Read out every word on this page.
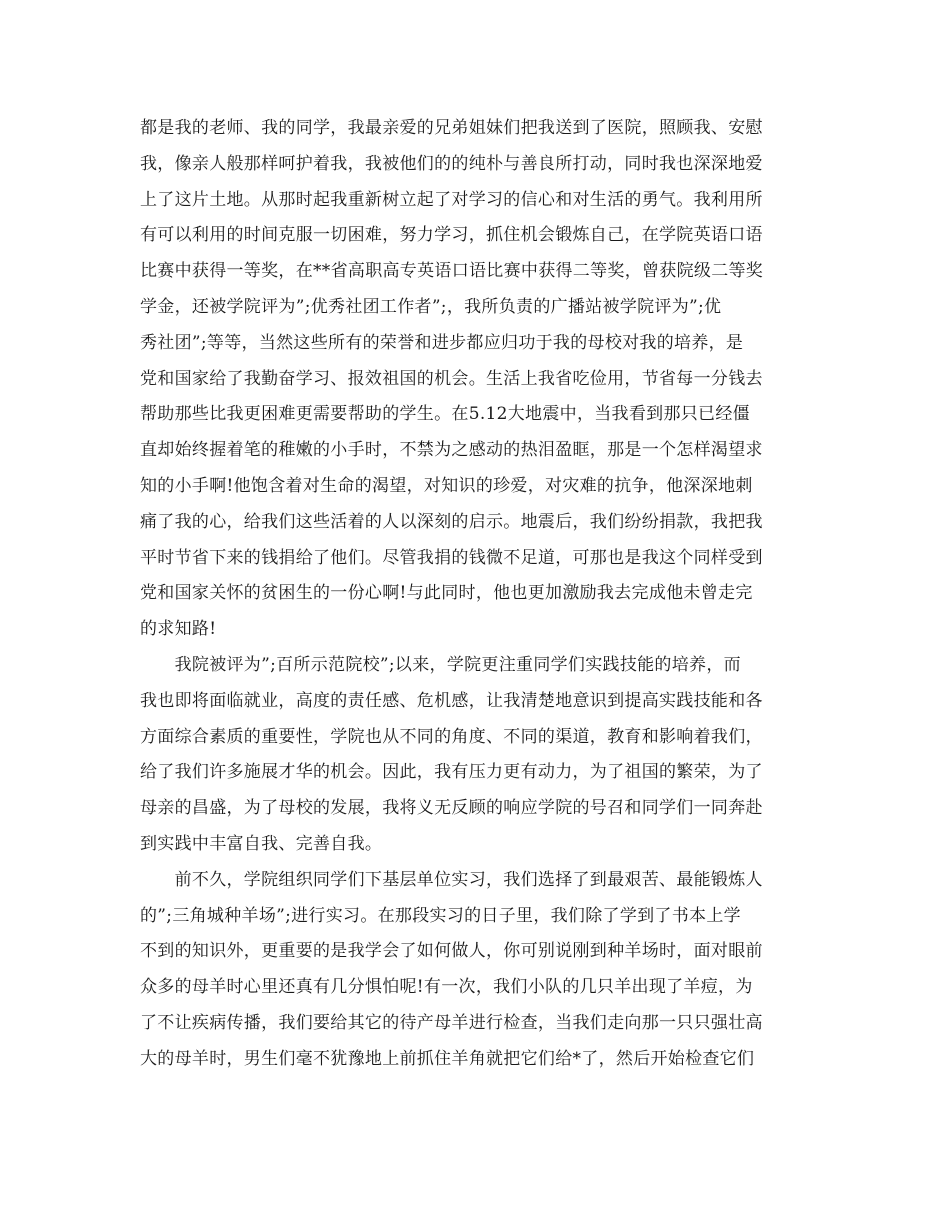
都是我的老师、我的同学，我最亲爱的兄弟姐妹们把我送到了医院，照顾我、安慰
我，像亲人般那样呵护着我，我被他们的的纯朴与善良所打动，同时我也深深地爱
上了这片土地。从那时起我重新树立起了对学习的信心和对生活的勇气。我利用所
有可以利用的时间克服一切困难，努力学习，抓住机会锻炼自己，在学院英语口语
比赛中获得一等奖，在**省高职高专英语口语比赛中获得二等奖，曾获院级二等奖
学金，还被学院评为”;优秀社团工作者”;，我所负责的广播站被学院评为”;优
秀社团”;等等，当然这些所有的荣誉和进步都应归功于我的母校对我的培养，是
党和国家给了我勤奋学习、报效祖国的机会。生活上我省吃俭用，节省每一分钱去
帮助那些比我更困难更需要帮助的学生。在5.12大地震中，当我看到那只已经僵
直却始终握着笔的稚嫩的小手时，不禁为之感动的热泪盈眶，那是一个怎样渴望求
知的小手啊!他饱含着对生命的渴望，对知识的珍爱，对灾难的抗争，他深深地刺
痛了我的心，给我们这些活着的人以深刻的启示。地震后，我们纷纷捐款，我把我
平时节省下来的钱捐给了他们。尽管我捐的钱微不足道，可那也是我这个同样受到
党和国家关怀的贫困生的一份心啊!与此同时，他也更加激励我去完成他未曾走完
的求知路!
　　我院被评为”;百所示范院校”;以来，学院更注重同学们实践技能的培养，而
我也即将面临就业，高度的责任感、危机感，让我清楚地意识到提高实践技能和各
方面综合素质的重要性，学院也从不同的角度、不同的渠道，教育和影响着我们，
给了我们许多施展才华的机会。因此，我有压力更有动力，为了祖国的繁荣，为了
母亲的昌盛，为了母校的发展，我将义无反顾的响应学院的号召和同学们一同奔赴
到实践中丰富自我、完善自我。
　　前不久，学院组织同学们下基层单位实习，我们选择了到最艰苦、最能锻炼人
的”;三角城种羊场”;进行实习。在那段实习的日子里，我们除了学到了书本上学
不到的知识外，更重要的是我学会了如何做人，你可别说刚到种羊场时，面对眼前
众多的母羊时心里还真有几分惧怕呢!有一次，我们小队的几只羊出现了羊痘，为
了不让疾病传播，我们要给其它的待产母羊进行检查，当我们走向那一只只强壮高
大的母羊时，男生们毫不犹豫地上前抓住羊角就把它们给*了，然后开始检查它们
